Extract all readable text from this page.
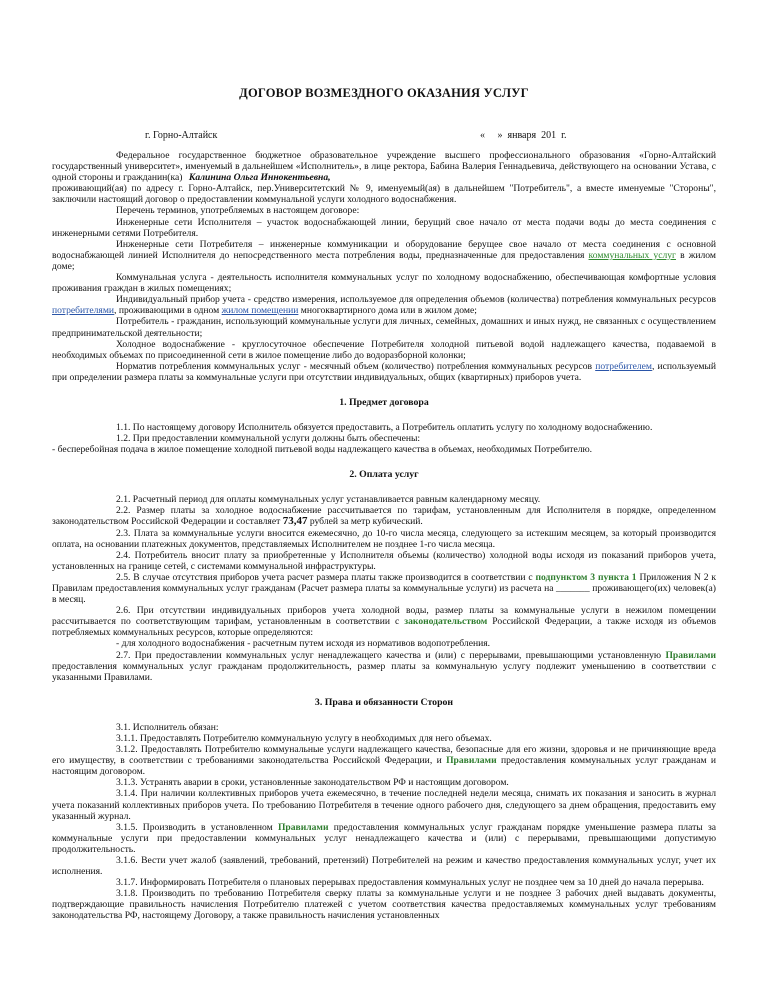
ДОГОВОР ВОЗМЕЗДНОГО ОКАЗАНИЯ УСЛУГ
г. Горно-Алтайск	«     »  января  201  г.

Федеральное государственное бюджетное образовательное учреждение высшего профессионального образования «Горно-Алтайский государственный университет», именуемый в дальнейшем «Исполнитель», в лице ректора, Бабина Валерия Геннадьевича, действующего на основании Устава, с одной стороны и гражданин(ка) Калинина Ольга Иннокентьевна,

проживающий(ая) по адресу г. Горно-Алтайск, пер.Университетский № 9, именуемый(ая) в дальнейшем "Потребитель", а вместе именуемые "Стороны", заключили настоящий договор о предоставлении коммунальной услуги холодного водоснабжения.

Перечень терминов, употребляемых в настоящем договоре:

Инженерные сети Исполнителя – участок водоснабжающей линии, берущий свое начало от места подачи воды до места соединения с инженерными сетями Потребителя.

Инженерные сети Потребителя – инженерные коммуникации и оборудование берущее свое начало от места соединения с основной водоснабжающей линией Исполнителя до непосредственного места потребления воды, предназначенные для предоставления коммунальных услуг в жилом доме;

Коммунальная услуга - деятельность исполнителя коммунальных услуг по холодному водоснабжению, обеспечивающая комфортные условия проживания граждан в жилых помещениях;

Индивидуальный прибор учета - средство измерения, используемое для определения объемов (количества) потребления коммунальных ресурсов потребителями, проживающими в одном жилом помещении многоквартирного дома или в жилом доме;

Потребитель - гражданин, использующий коммунальные услуги для личных, семейных, домашних и иных нужд, не связанных с осуществлением предпринимательской деятельности;

Холодное водоснабжение - круглосуточное обеспечение Потребителя холодной питьевой водой надлежащего качества, подаваемой в необходимых объемах по присоединенной сети в жилое помещение либо до водоразборной колонки;

Норматив потребления коммунальных услуг - месячный объем (количество) потребления коммунальных ресурсов потребителем, используемый при определении размера платы за коммунальные услуги при отсутствии индивидуальных, общих (квартирных) приборов учета.

1. Предмет договора

1.1. По настоящему договору Исполнитель обязуется предоставить, а Потребитель оплатить услугу по холодному водоснабжению.

1.2. При предоставлении коммунальной услуги должны быть обеспечены:

- бесперебойная подача в жилое помещение холодной питьевой воды надлежащего качества в объемах, необходимых Потребителю.

2. Оплата услуг

2.1. Расчетный период для оплаты коммунальных услуг устанавливается равным календарному месяцу.

2.2. Размер платы за холодное водоснабжение рассчитывается по тарифам, установленным для Исполнителя в порядке, определенном законодательством Российской Федерации и составляет 73,47 рублей за метр кубический.

2.3. Плата за коммунальные услуги вносится ежемесячно, до 10-го числа месяца, следующего за истекшим месяцем, за который производится оплата, на основании платежных документов, представляемых Исполнителем не позднее 1-го числа месяца.

2.4. Потребитель вносит плату за приобретенные у Исполнителя объемы (количество) холодной воды исходя из показаний приборов учета, установленных на границе сетей, с системами коммунальной инфраструктуры.

2.5. В случае отсутствия приборов учета расчет размера платы также производится в соответствии с подпунктом 3 пункта 1 Приложения N 2 к Правилам предоставления коммунальных услуг гражданам (Расчет размера платы за коммунальные услуги) из расчета на _______ проживающего(их) человек(а) в месяц.

2.6. При отсутствии индивидуальных приборов учета холодной воды, размер платы за коммунальные услуги в нежилом помещении рассчитывается по соответствующим тарифам, установленным в соответствии с законодательством Российской Федерации, а также исходя из объемов потребляемых коммунальных ресурсов, которые определяются:

- для холодного водоснабжения - расчетным путем исходя из нормативов водопотребления.

2.7. При предоставлении коммунальных услуг ненадлежащего качества и (или) с перерывами, превышающими установленную Правилами предоставления коммунальных услуг гражданам продолжительность, размер платы за коммунальную услугу подлежит уменьшению в соответствии с указанными Правилами.

3. Права и обязанности Сторон

3.1. Исполнитель обязан:

3.1.1. Предоставлять Потребителю коммунальную услугу в необходимых для него объемах.

3.1.2. Предоставлять Потребителю коммунальные услуги надлежащего качества, безопасные для его жизни, здоровья и не причиняющие вреда его имуществу, в соответствии с требованиями законодательства Российской Федерации, и Правилами предоставления коммунальных услуг гражданам и настоящим договором.

3.1.3. Устранять аварии в сроки, установленные законодательством РФ и настоящим договором.

3.1.4. При наличии коллективных приборов учета ежемесячно, в течение последней недели месяца, снимать их показания и заносить в журнал учета показаний коллективных приборов учета. По требованию Потребителя в течение одного рабочего дня, следующего за днем обращения, предоставить ему указанный журнал.

3.1.5. Производить в установленном Правилами предоставления коммунальных услуг гражданам порядке уменьшение размера платы за коммунальные услуги при предоставлении коммунальных услуг ненадлежащего качества и (или) с перерывами, превышающими допустимую продолжительность.

3.1.6. Вести учет жалоб (заявлений, требований, претензий) Потребителей на режим и качество предоставления коммунальных услуг, учет их исполнения.

3.1.7. Информировать Потребителя о плановых перерывах предоставления коммунальных услуг не позднее чем за 10 дней до начала перерыва.

3.1.8. Производить по требованию Потребителя сверку платы за коммунальные услуги и не позднее 3 рабочих дней выдавать документы, подтверждающие правильность начисления Потребителю платежей с учетом соответствия качества предоставляемых коммунальных услуг требованиям законодательства РФ, настоящему Договору, а также правильность начисления установленных
